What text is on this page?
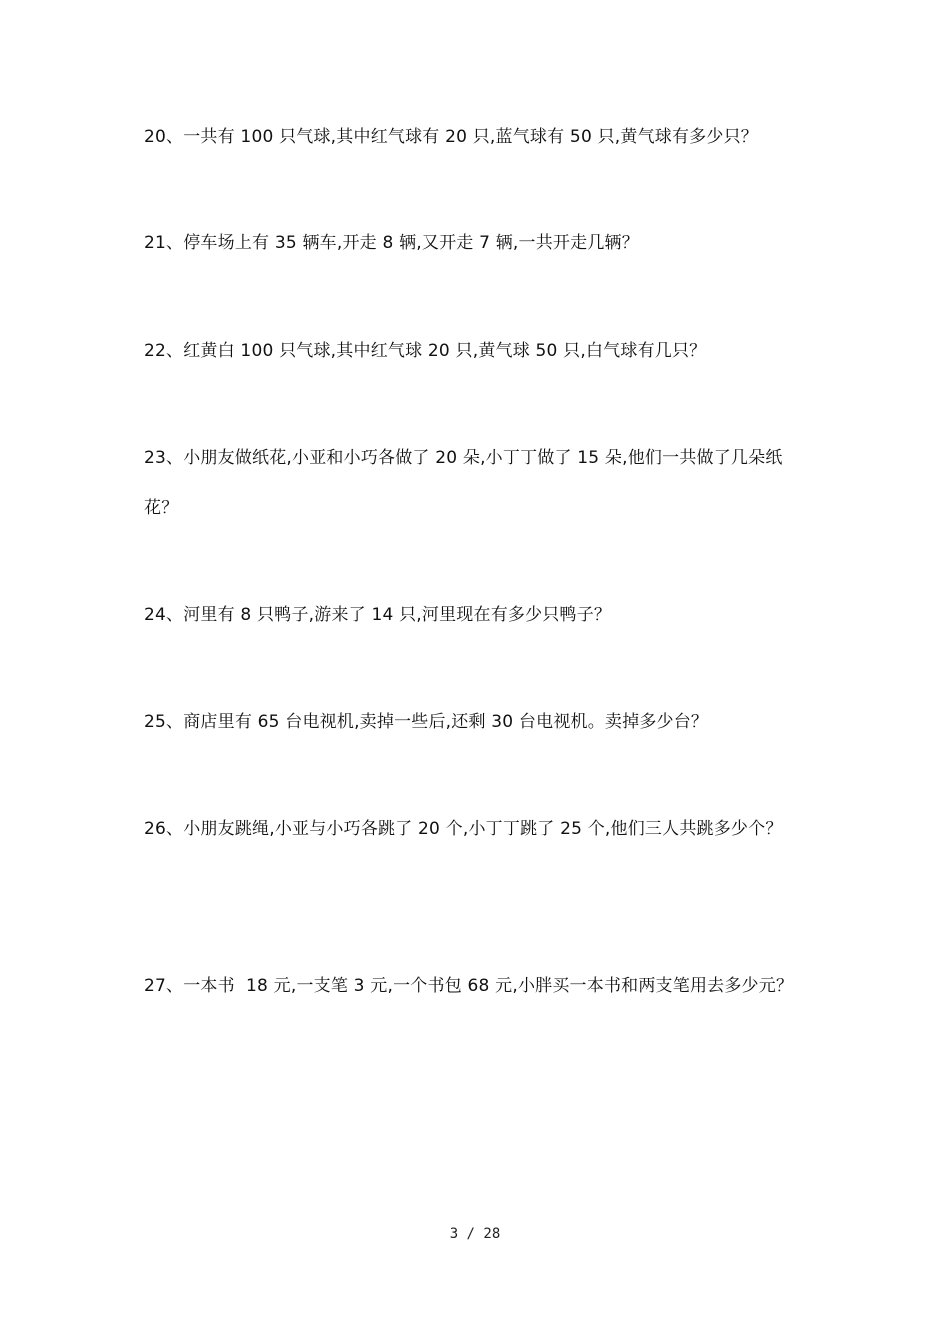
20、一共有 100 只气球,其中红气球有 20 只,蓝气球有 50 只,黄气球有多少只？
21、停车场上有 35 辆车,开走 8 辆,又开走 7 辆,一共开走几辆？
22、红黄白 100 只气球,其中红气球 20 只,黄气球 50 只,白气球有几只？
23、小朋友做纸花,小亚和小巧各做了 20 朵,小丁丁做了 15 朵,他们一共做了几朵纸花？
24、河里有 8 只鸭子,游来了 14 只,河里现在有多少只鸭子？
25、商店里有 65 台电视机,卖掉一些后,还剩 30 台电视机。卖掉多少台？
26、小朋友跳绳,小亚与小巧各跳了 20 个,小丁丁跳了 25 个,他们三人共跳多少个？
27、一本书  18 元,一支笔 3 元,一个书包 68 元,小胖买一本书和两支笔用去多少元？
3 / 28
